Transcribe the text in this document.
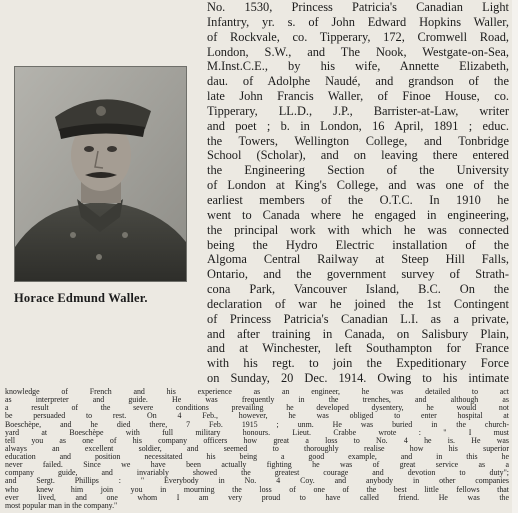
Horace Edmund Waller.
No. 1530, Princess Patricia's Canadian Light
Infantry, yr. s. of John Edward Hopkins Waller,
of Rockvale, co. Tipperary, 172, Cromwell Road,
London, S.W., and The Nook, Westgate-on-Sea,
M.Inst.C.E., by his wife, Annette Elizabeth,
dau. of Adolphe Naudé, and grandson of the
late John Francis Waller, of Finoe House, co.
Tipperary, LL.D., J.P., Barrister-at-Law, writer
and poet ; b. in London, 16 April, 1891 ; educ.
the Towers, Wellington College, and Tonbridge
School (Scholar), and on leaving there entered
the Engineering Section of the University
of London at King's College, and was one of the
earliest members of the O.T.C. In 1910 he
went to Canada where he engaged in engineering,
the principal work with which he was connected
being the Hydro Electric installation of the
Algoma Central Railway at Steep Hill Falls,
Ontario, and the government survey of Strath-
cona Park, Vancouver Island, B.C. On the
declaration of war he joined the 1st Contingent
of Princess Patricia's Canadian L.I. as a private,
and after training in Canada, on Salisbury Plain,
and at Winchester, left Southampton for France
with his regt. to join the Expeditionary Force
on Sunday, 20 Dec. 1914. Owing to his intimate
knowledge of French and his experience as an engineer, he was detailed to act
as interpreter and guide. He was frequently in the trenches, and although as
a result of the severe conditions prevailing he developed dysentery, he would not
be persuaded to rest. On 4 Feb., however, he was obliged to enter hospital at
Boeschèpe, and he died there, 7 Feb. 1915 ; unm. He was buried in the church-
yard at Boeschèpe with full military honours. Lieut. Crabbe wrote : " I must
tell you as one of his company officers how great a loss to No. 4 he is. He was
always an excellent soldier, and seemed to thoroughly realise how his superior
education and position necessitated his being a good example, and in this he
never failed. Since we have been actually fighting he was of great service as a
company guide, and invariably showed the greatest courage and devotion to duty";
and Sergt. Phillips : " Everybody in No. 4 Coy. and anybody in other companies
who knew him join you in mourning the loss of one of the best little fellows that
ever lived, and one whom I am very proud to have called friend. He was the
most popular man in the company."
